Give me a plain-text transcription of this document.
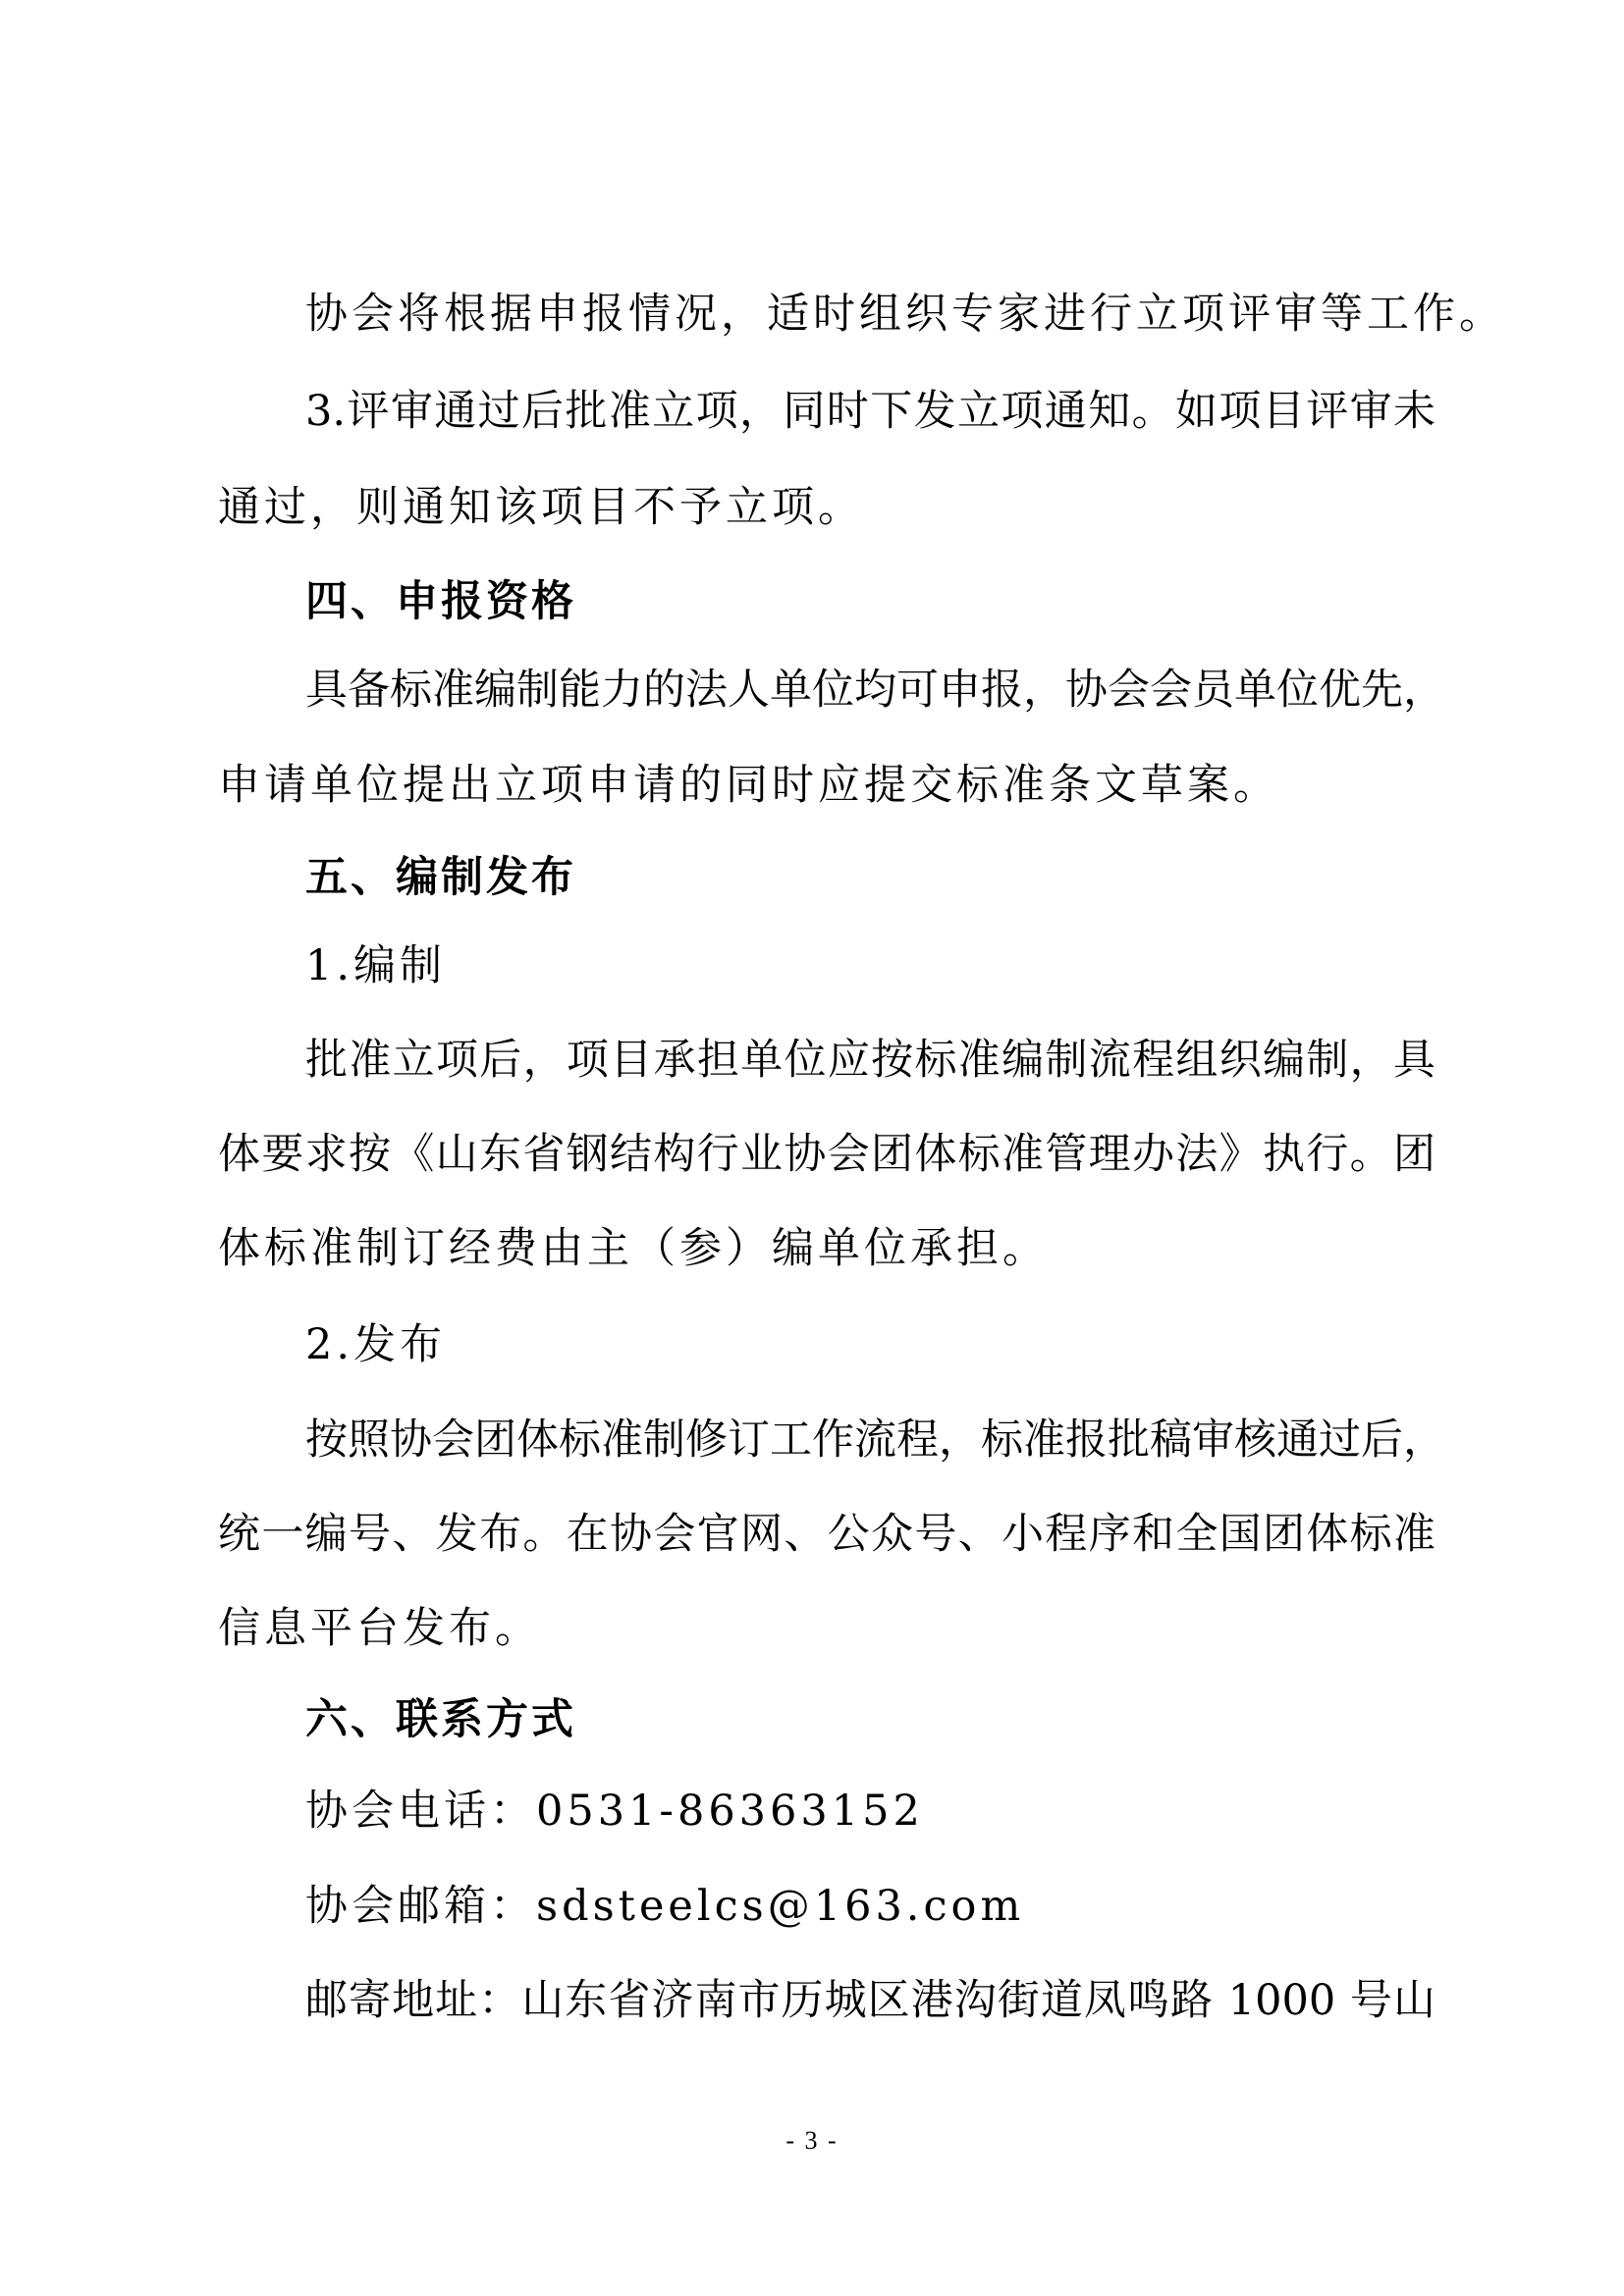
协会将根据申报情况，适时组织专家进行立项评审等工作。
3.评审通过后批准立项，同时下发立项通知。如项目评审未
通过，则通知该项目不予立项。
四、申报资格
具备标准编制能力的法人单位均可申报，协会会员单位优先，
申请单位提出立项申请的同时应提交标准条文草案。
五、编制发布
1.编制
批准立项后，项目承担单位应按标准编制流程组织编制，具
体要求按《山东省钢结构行业协会团体标准管理办法》执行。团
体标准制订经费由主（参）编单位承担。
2.发布
按照协会团体标准制修订工作流程，标准报批稿审核通过后，
统一编号、发布。在协会官网、公众号、小程序和全国团体标准
信息平台发布。
六、联系方式
协会电话：0531-86363152
协会邮箱：sdsteelcs@163.com
邮寄地址：山东省济南市历城区港沟街道凤鸣路 1000 号山
- 3 -
